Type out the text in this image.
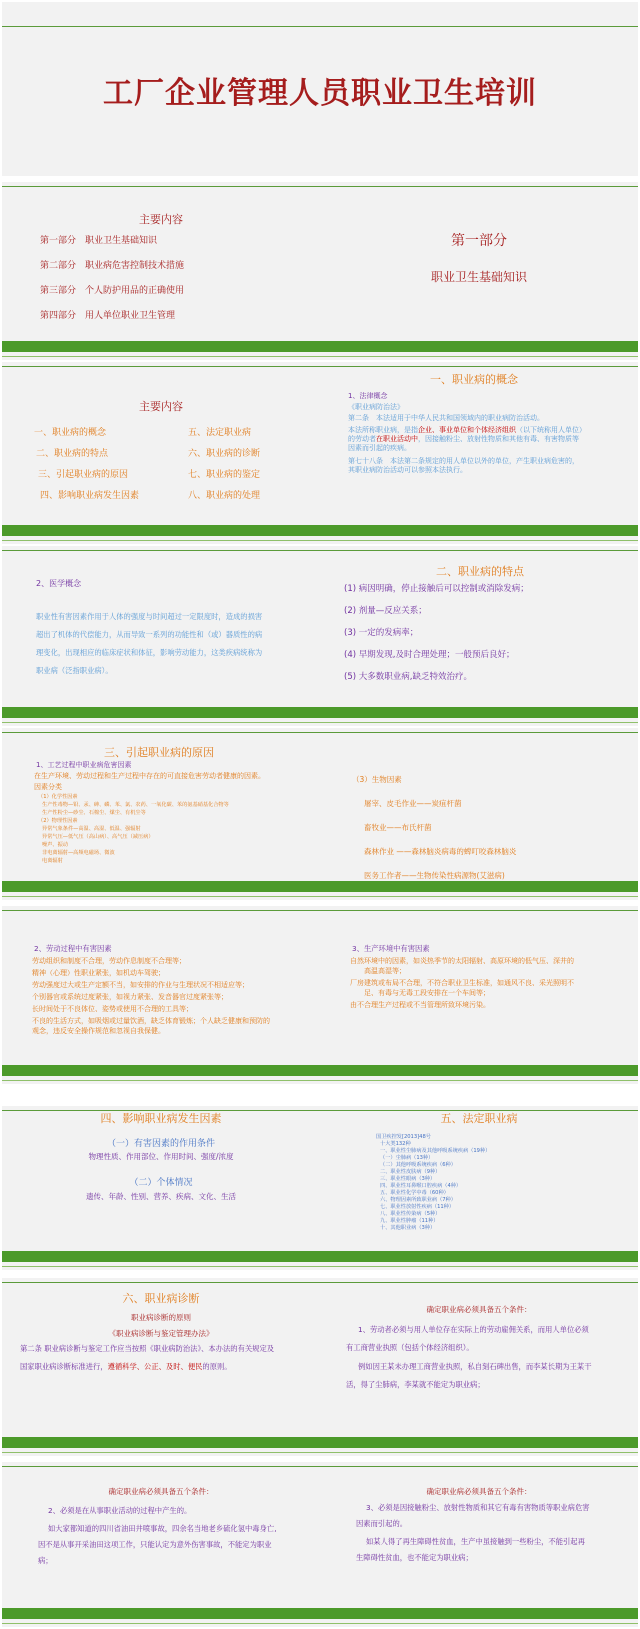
工厂企业管理人员职业卫生培训
主要内容
第一部分　职业卫生基础知识
第二部分　职业病危害控制技术措施
第三部分　个人防护用品的正确使用
第四部分　用人单位职业卫生管理
第一部分
职业卫生基础知识
主要内容
一、职业病的概念
二、职业病的特点
三、引起职业病的原因
四、影响职业病发生因素
五、法定职业病
六、职业病的诊断
七、职业病的鉴定
八、职业病的处理
一、职业病的概念
1、法律概念
《职业病防治法》
第二条　本法适用于中华人民共和国领域内的职业病防治活动。
本法所称职业病，是指企业、事业单位和个体经济组织（以下统称用人单位）
的劳动者在职业活动中，因接触粉尘、放射性物质和其他有毒、有害物质等
因素而引起的疾病。
第七十八条　本法第二条规定的用人单位以外的单位，产生职业病危害的，
其职业病防治活动可以参照本法执行。
2、医学概念
职业性有害因素作用于人体的强度与时间超过一定限度时，造成的损害
超出了机体的代偿能力，从而导致一系列的功能性和（或）器质性的病
理变化，出现相应的临床症状和体征，影响劳动能力，这类疾病统称为
职业病（泛指职业病）。
二、职业病的特点
(1) 病因明确，停止接触后可以控制或消除发病；
(2) 剂量—反应关系；
(3) 一定的发病率；
(4) 早期发现,及时合理处理；一般预后良好；
(5) 大多数职业病,缺乏特效治疗。
三、引起职业病的原因
1、工艺过程中职业病危害因素
在生产环境、劳动过程和生产过程中存在的可直接危害劳动者健康的因素。
因素分类
（1）化学性因素
生产性毒物—铅、汞、砷、磷、苯、氯、农药、一氧化碳、苯的氨基硝基化合物等
生产性粉尘—砂尘、石棉尘、煤尘、有机尘等
（2）物理性因素
异常气象条件—高温、高湿、低温、强辐射
异常气压—低气压（高山病）、高气压（减压病）
噪声、振动
非电离辐射—高频电磁场、微波
电离辐射
（3）生物因素
屠宰、皮毛作业——炭疽杆菌
畜牧业——布氏杆菌
森林作业 ——森林脑炎病毒的蜱叮咬森林脑炎
医务工作者——生物传染性病源物(艾滋病)
2、劳动过程中有害因素
劳动组织和制度不合理，劳动作息制度不合理等；
精神（心理）性职业紧张，如机动车驾驶；
劳动强度过大或生产定额不当，如安排的作业与生理状况不相适应等；
个别器官或系统过度紧张，如视力紧张、发音器官过度紧张等；
长时间处于不良体位、姿势或使用不合理的工具等；
不良的生活方式，如吸烟或过量饮酒，缺乏体育锻炼；个人缺乏健康和预防的
观念，违反安全操作规范和忽视自我保健。
3、生产环境中有害因素
自然环境中的因素，如炎热季节的太阳辐射、高原环境的低气压、深井的
　　高温高湿等；
厂房建筑或布局不合理，不符合职业卫生标准，如通风不良、采光照明不
　　足、有毒与无毒工段安排在一个车间等；
由不合理生产过程或不当管理所致环境污染。
四、影响职业病发生因素
（一）有害因素的作用条件
物理性质、作用部位、作用时间、强度/浓度
（二）个体情况
遗传、年龄、性别、营养、疾病、文化、生活
五、法定职业病
国卫疾控发[2013]48号
十大类132种
一、职业性尘肺病及其他呼吸系统疾病（19种）
（一）尘肺病（13种）
（二）其他呼吸系统疾病（6种）
二、职业性皮肤病（9种）
三、职业性眼病（3种）
四、职业性耳鼻喉口腔疾病（4种）
五、职业性化学中毒（60种）
六、物理因素所致职业病（7种）
七、职业性放射性疾病（11种）
八、职业性传染病（5种）
九、职业性肿瘤（11种）
十、其他职业病（3种）
六、职业病诊断
职业病诊断的原则
《职业病诊断与鉴定管理办法》
第二条 职业病诊断与鉴定工作应当按照《职业病防治法》、本办法的有关规定及
国家职业病诊断标准进行，遵循科学、公正、及时、便民的原则。
确定职业病必须具备五个条件：
1、劳动者必须与用人单位存在实际上的劳动雇佣关系，而用人单位必须
有工商营业执照（包括个体经济组织）。
例如因王某未办理工商营业执照，私自刻石碑出售，而李某长期为王某干
活，得了尘肺病，李某就不能定为职业病；
确定职业病必须具备五个条件：
2、必须是在从事职业活动的过程中产生的。
如大家都知道的四川省油田井喷事故，四余名当地老乡硫化氢中毒身亡,
因不是从事开采油田这项工作，只能认定为意外伤害事故，不能定为职业
病；
确定职业病必须具备五个条件：
3、必须是因接触粉尘、放射性物质和其它有毒有害物质等职业病危害
因素而引起的。
如某人得了再生障碍性贫血，生产中虽接触到一些粉尘，不能引起再
生障碍性贫血，也不能定为职业病；
